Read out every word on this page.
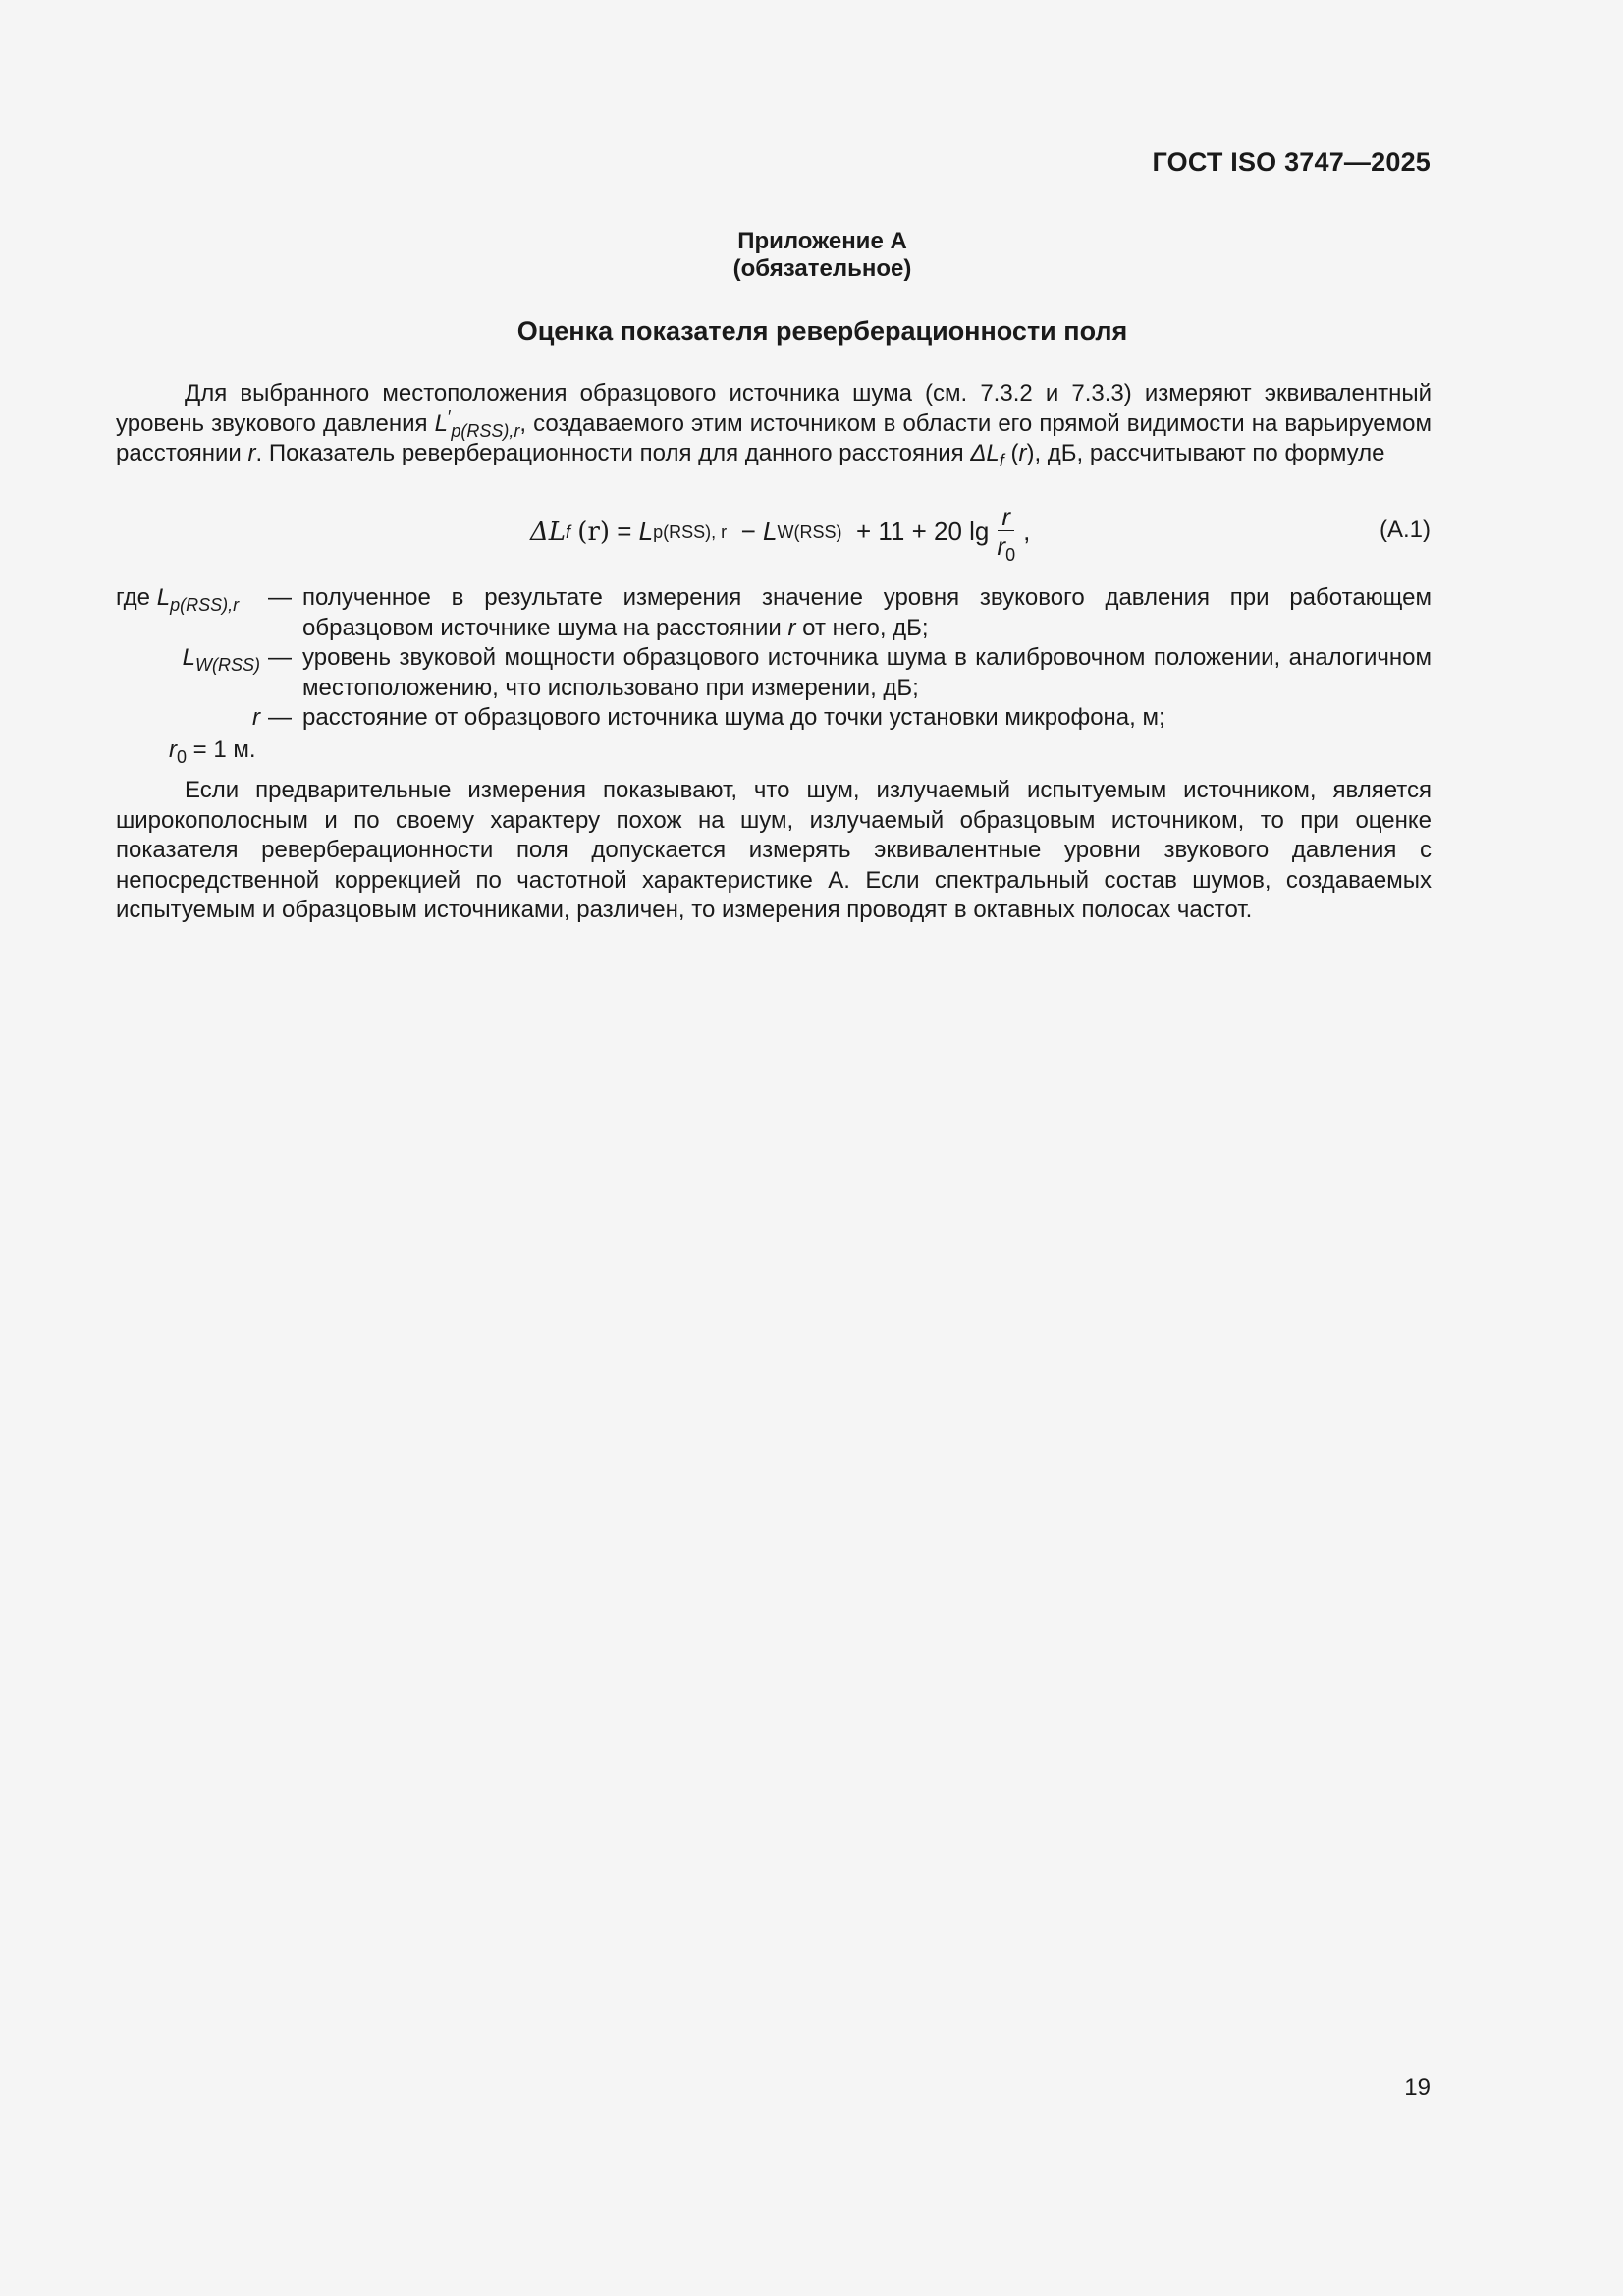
ГОСТ ISO 3747—2025
Приложение А
(обязательное)
Оценка показателя реверберационности поля
Для выбранного местоположения образцового источника шума (см. 7.3.2 и 7.3.3) измеряют эквивалентный уровень звукового давления $L'_{p(RSS),r}$, создаваемого этим источником в области его прямой видимости на варьируемом расстоянии r. Показатель реверберационности поля для данного расстояния $\Delta L_f$ (r), дБ, рассчитывают по формуле
ΔL f
(r)
=
L p(RSS), r
−
L W(RSS)
+ 11 +
20 $\lg \frac{r}{r_0}$ ,	(А.1)
где $L_{p(RSS),r}$	— полученное в результате измерения значение уровня звукового давления при работающем образцовом источнике шума на расстоянии r от него, дБ;
$L_{W(RSS)}$ — уровень звуковой мощности образцового источника шума в калибровочном положении, аналогичном местоположению, что использовано при измерении, дБ;
r — расстояние от образцового источника шума до точки установки микрофона, м;
$r_0 = 1$ м.
Если предварительные измерения показывают, что шум, излучаемый испытуемым источником, является широкополосным и по своему характеру похож на шум, излучаемый образцовым источником, то при оценке показателя реверберационности поля допускается измерять эквивалентные уровни звукового давления с непосредственной коррекцией по частотной характеристике А. Если спектральный состав шумов, создаваемых испытуемым и образцовым источниками, различен, то измерения проводят в октавных полосах частот.
19
